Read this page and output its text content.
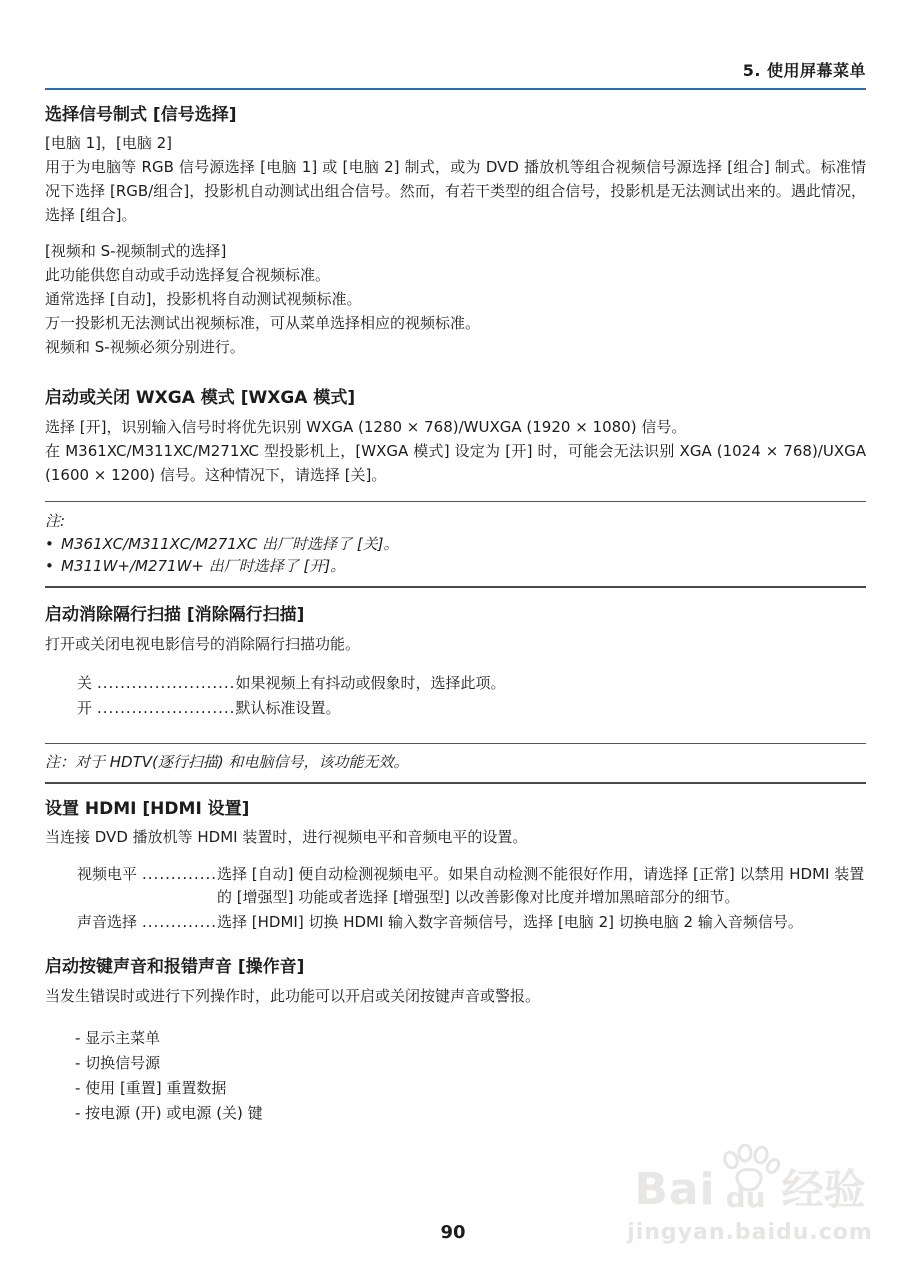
5. 使用屏幕菜单
选择信号制式 [信号选择]

[电脑 1]，[电脑 2]

用于为电脑等 RGB 信号源选择 [电脑 1] 或 [电脑 2] 制式，或为 DVD 播放机等组合视频信号源选择 [组合] 制式。标准情况下选择 [RGB/组合]，投影机自动测试出组合信号。然而，有若干类型的组合信号，投影机是无法测试出来的。遇此情况，选择 [组合]。

[视频和 S-视频制式的选择]

此功能供您自动或手动选择复合视频标准。

通常选择 [自动]，投影机将自动测试视频标准。

万一投影机无法测试出视频标准，可从菜单选择相应的视频标准。

视频和 S-视频必须分别进行。

启动或关闭 WXGA 模式 [WXGA 模式]

选择 [开]，识别输入信号时将优先识别 WXGA (1280 × 768)/WUXGA (1920 × 1080) 信号。

在 M361XC/M311XC/M271XC 型投影机上，[WXGA 模式] 设定为 [开] 时，可能会无法识别 XGA (1024 × 768)/UXGA (1600 × 1200) 信号。这种情况下，请选择 [关]。

注:
• M361XC/M311XC/M271XC 出厂时选择了 [关]。
• M311W+/M271W+ 出厂时选择了 [开]。
启动消除隔行扫描 [消除隔行扫描]

打开或关闭电视电影信号的消除隔行扫描功能。

关 ........................ 如果视频上有抖动或假象时，选择此项。
开 ........................ 默认标准设置。
注：对于 HDTV(逐行扫描) 和电脑信号，该功能无效。
设置 HDMI [HDMI 设置]

当连接 DVD 播放机等 HDMI 装置时，进行视频电平和音频电平的设置。

视频电平 ............. 选择 [自动] 便自动检测视频电平。如果自动检测不能很好作用，请选择 [正常] 以禁用 HDMI 装置的 [增强型] 功能或者选择 [增强型] 以改善影像对比度并增加黑暗部分的细节。
声音选择 ............. 选择 [HDMI] 切换 HDMI 输入数字音频信号，选择 [电脑 2] 切换电脑 2 输入音频信号。
启动按键声音和报错声音 [操作音]

当发生错误时或进行下列操作时，此功能可以开启或关闭按键声音或警报。

- 显示主菜单

- 切换信号源

- 使用 [重置] 重置数据

- 按电源 (开) 或电源 (关) 键

Bai du 经验
jingyan.baidu.com
90
